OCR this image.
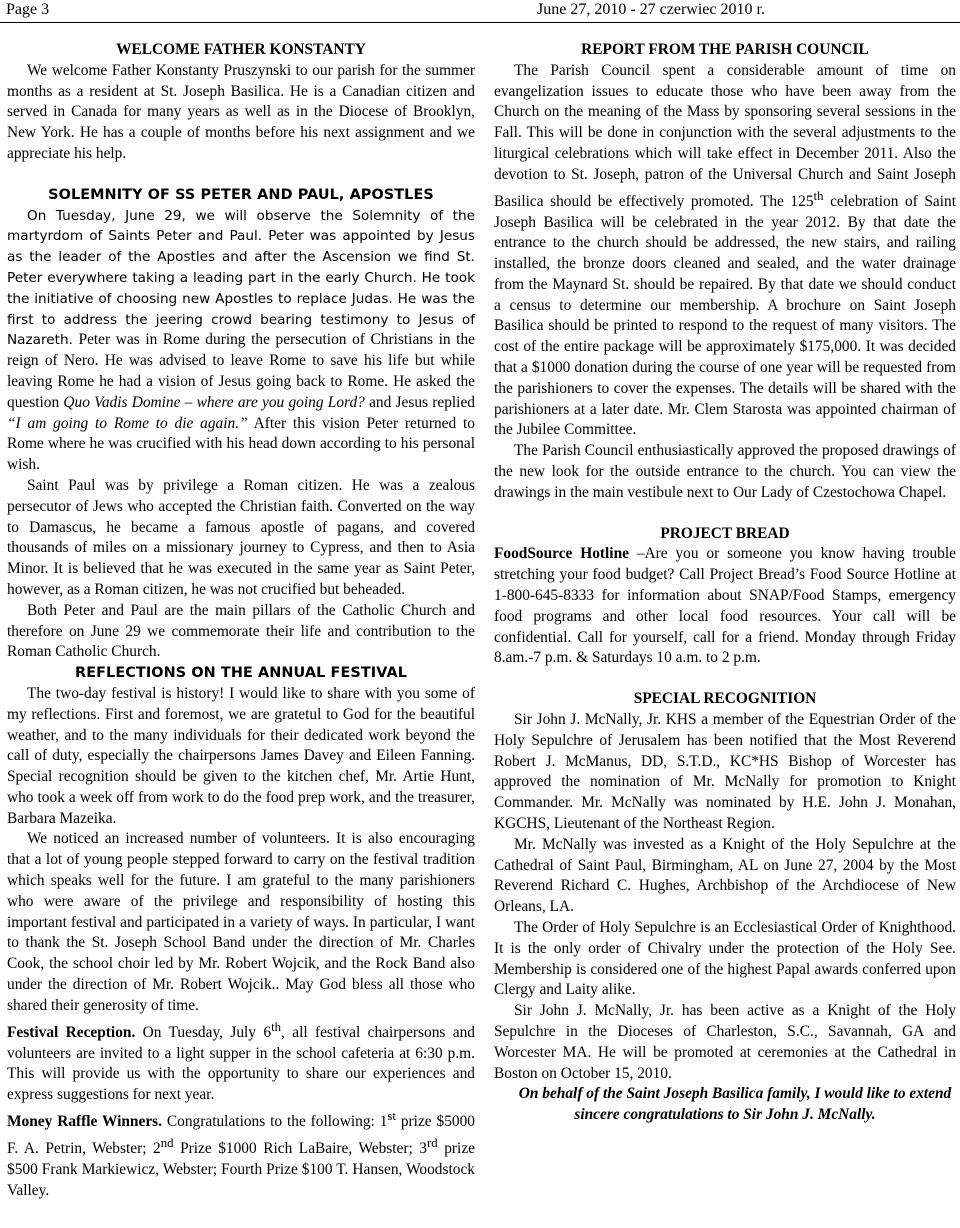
Page 3	June 27, 2010 - 27 czerwiec 2010 r.

WELCOME FATHER KONSTANTY

We welcome Father Konstanty Pruszynski to our parish for the summer months as a resident at St. Joseph Basilica. He is a Canadian citizen and served in Canada for many years as well as in the Diocese of Brooklyn, New York. He has a couple of months before his next assignment and we appreciate his help.

SOLEMNITY OF SS PETER AND PAUL, APOSTLES

On Tuesday, June 29, we will observe the Solemnity of the martyrdom of Saints Peter and Paul. Peter was appointed by Jesus as the leader of the Apostles and after the Ascension we find St. Peter everywhere taking a leading part in the early Church. He took the initiative of choosing new Apostles to replace Judas. He was the first to address the jeering crowd bearing testimony to Jesus of Nazareth. Peter was in Rome during the persecution of Christians in the reign of Nero. He was advised to leave Rome to save his life but while leaving Rome he had a vision of Jesus going back to Rome. He asked the question Quo Vadis Domine – where are you going Lord? and Jesus replied “I am going to Rome to die again.” After this vision Peter returned to Rome where he was crucified with his head down according to his personal wish.

Saint Paul was by privilege a Roman citizen. He was a zealous persecutor of Jews who accepted the Christian faith. Converted on the way to Damascus, he became a famous apostle of pagans, and covered thousands of miles on a missionary journey to Cypress, and then to Asia Minor. It is believed that he was executed in the same year as Saint Peter, however, as a Roman citizen, he was not crucified but beheaded.

Both Peter and Paul are the main pillars of the Catholic Church and therefore on June 29 we commemorate their life and contribution to the Roman Catholic Church.

REFLECTIONS ON THE ANNUAL FESTIVAL

The two-day festival is history! I would like to share with you some of my reflections. First and foremost, we are gratetul to God for the beautiful weather, and to the many individuals for their dedicated work beyond the call of duty, especially the chairpersons James Davey and Eileen Fanning. Special recognition should be given to the kitchen chef, Mr. Artie Hunt, who took a week off from work to do the food prep work, and the treasurer, Barbara Mazeika.

We noticed an increased number of volunteers. It is also encouraging that a lot of young people stepped forward to carry on the festival tradition which speaks well for the future. I am grateful to the many parishioners who were aware of the privilege and responsibility of hosting this important festival and participated in a variety of ways. In particular, I want to thank the St. Joseph School Band under the direction of Mr. Charles Cook, the school choir led by Mr. Robert Wojcik, and the Rock Band also under the direction of Mr. Robert Wojcik.. May God bless all those who shared their generosity of time.

Festival Reception. On Tuesday, July 6th, all festival chairpersons and volunteers are invited to a light supper in the school cafeteria at 6:30 p.m. This will provide us with the opportunity to share our experiences and express suggestions for next year.

Money Raffle Winners. Congratulations to the following: 1st prize $5000 F. A. Petrin, Webster; 2nd Prize $1000 Rich LaBaire, Webster; 3rd prize $500 Frank Markiewicz, Webster; Fourth Prize $100 T. Hansen, Woodstock Valley.

REPORT FROM THE PARISH COUNCIL

The Parish Council spent a considerable amount of time on evangelization issues to educate those who have been away from the Church on the meaning of the Mass by sponsoring several sessions in the Fall. This will be done in conjunction with the several adjustments to the liturgical celebrations which will take effect in December 2011. Also the devotion to St. Joseph, patron of the Universal Church and Saint Joseph Basilica should be effectively promoted. The 125th celebration of Saint Joseph Basilica will be celebrated in the year 2012. By that date the entrance to the church should be addressed, the new stairs, and railing installed, the bronze doors cleaned and sealed, and the water drainage from the Maynard St. should be repaired. By that date we should conduct a census to determine our membership. A brochure on Saint Joseph Basilica should be printed to respond to the request of many visitors. The cost of the entire package will be approximately $175,000. It was decided that a $1000 donation during the course of one year will be requested from the parishioners to cover the expenses. The details will be shared with the parishioners at a later date. Mr. Clem Starosta was appointed chairman of the Jubilee Committee.

The Parish Council enthusiastically approved the proposed drawings of the new look for the outside entrance to the church. You can view the drawings in the main vestibule next to Our Lady of Czestochowa Chapel.

PROJECT BREAD

FoodSource Hotline –Are you or someone you know having trouble stretching your food budget? Call Project Bread’s Food Source Hotline at 1-800-645-8333 for information about SNAP/Food Stamps, emergency food programs and other local food resources. Your call will be confidential. Call for yourself, call for a friend. Monday through Friday 8.am.-7 p.m. & Saturdays 10 a.m. to 2 p.m.

SPECIAL RECOGNITION

Sir John J. McNally, Jr. KHS a member of the Equestrian Order of the Holy Sepulchre of Jerusalem has been notified that the Most Reverend Robert J. McManus, DD, S.T.D., KC*HS Bishop of Worcester has approved the nomination of Mr. McNally for promotion to Knight Commander. Mr. McNally was nominated by H.E. John J. Monahan, KGCHS, Lieutenant of the Northeast Region.

Mr. McNally was invested as a Knight of the Holy Sepulchre at the Cathedral of Saint Paul, Birmingham, AL on June 27, 2004 by the Most Reverend Richard C. Hughes, Archbishop of the Archdiocese of New Orleans, LA.

The Order of Holy Sepulchre is an Ecclesiastical Order of Knighthood. It is the only order of Chivalry under the protection of the Holy See. Membership is considered one of the highest Papal awards conferred upon Clergy and Laity alike.

Sir John J. McNally, Jr. has been active as a Knight of the Holy Sepulchre in the Dioceses of Charleston, S.C., Savannah, GA and Worcester MA. He will be promoted at ceremonies at the Cathedral in Boston on October 15, 2010.

On behalf of the Saint Joseph Basilica family, I would like to extend sincere congratulations to Sir John J. McNally.
